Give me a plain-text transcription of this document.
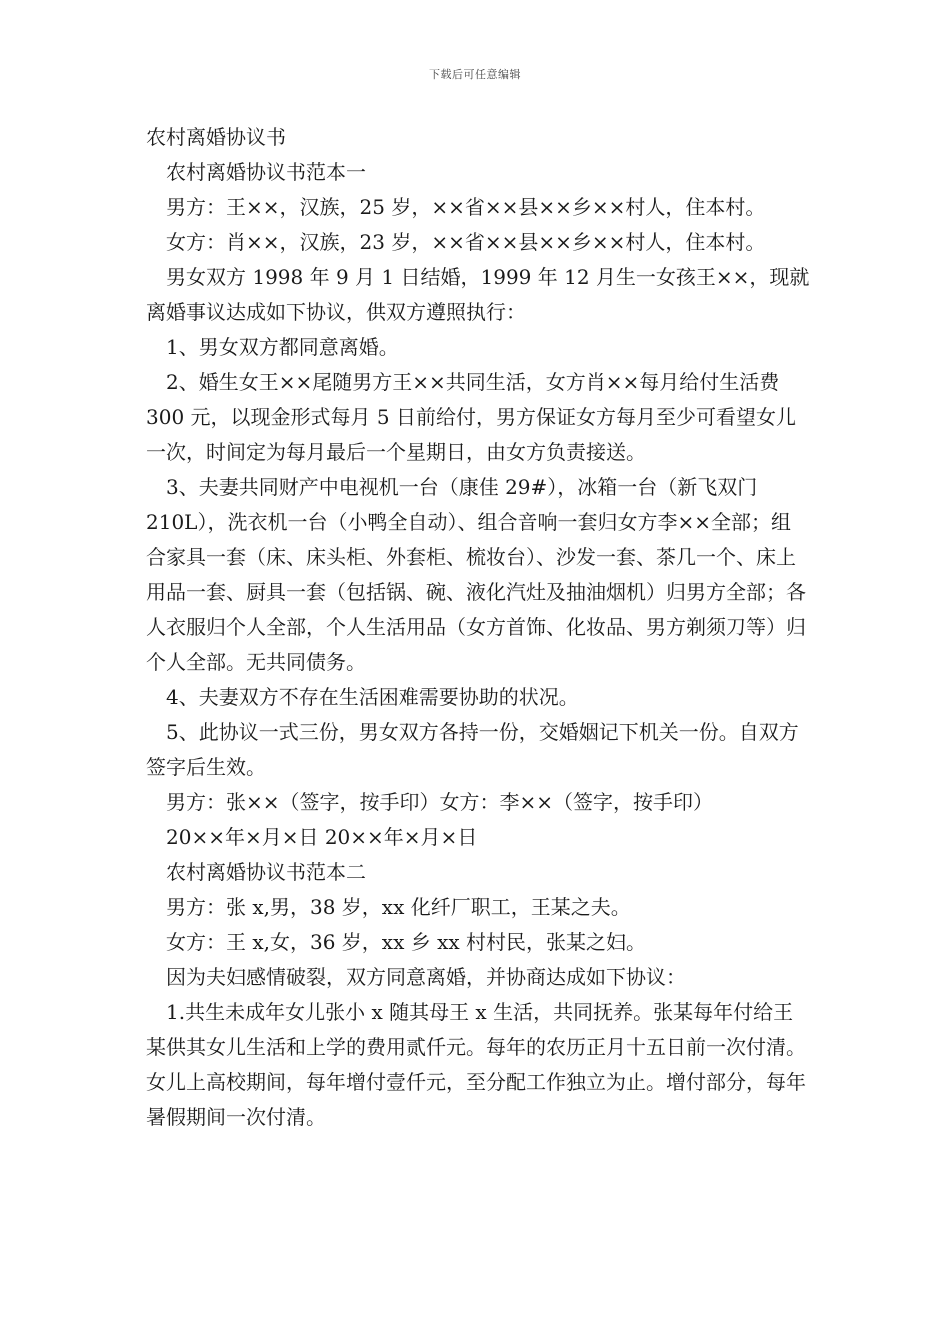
下载后可任意编辑

农村离婚协议书

农村离婚协议书范本一

男方：王××，汉族，25 岁，××省××县××乡××村人，住本村。

女方：肖××，汉族，23 岁，××省××县××乡××村人，住本村。

男女双方 1998 年 9 月 1 日结婚，1999 年 12 月生一女孩王××，现就离婚事议达成如下协议，供双方遵照执行：

1、男女双方都同意离婚。

2、婚生女王××尾随男方王××共同生活，女方肖××每月给付生活费 300 元，以现金形式每月 5 日前给付，男方保证女方每月至少可看望女儿一次，时间定为每月最后一个星期日，由女方负责接送。

3、夫妻共同财产中电视机一台（康佳 29#），冰箱一台（新飞双门 210L），洗衣机一台（小鸭全自动）、组合音响一套归女方李××全部；组合家具一套（床、床头柜、外套柜、梳妆台）、沙发一套、茶几一个、床上用品一套、厨具一套（包括锅、碗、液化汽灶及抽油烟机）归男方全部；各人衣服归个人全部，个人生活用品（女方首饰、化妆品、男方剃须刀等）归个人全部。无共同债务。

4、夫妻双方不存在生活困难需要协助的状况。

5、此协议一式三份，男女双方各持一份，交婚姻记下机关一份。自双方签字后生效。

男方：张××（签字，按手印）女方：李××（签字，按手印）

20××年×月×日 20××年×月×日

农村离婚协议书范本二

男方：张 x,男，38 岁，xx 化纤厂职工，王某之夫。

女方：王 x,女，36 岁，xx 乡 xx 村村民，张某之妇。

因为夫妇感情破裂，双方同意离婚，并协商达成如下协议：

1.共生未成年女儿张小 x 随其母王 x 生活，共同抚养。张某每年付给王某供其女儿生活和上学的费用贰仟元。每年的农历正月十五日前一次付清。女儿上高校期间，每年增付壹仟元，至分配工作独立为止。增付部分，每年暑假期间一次付清。
